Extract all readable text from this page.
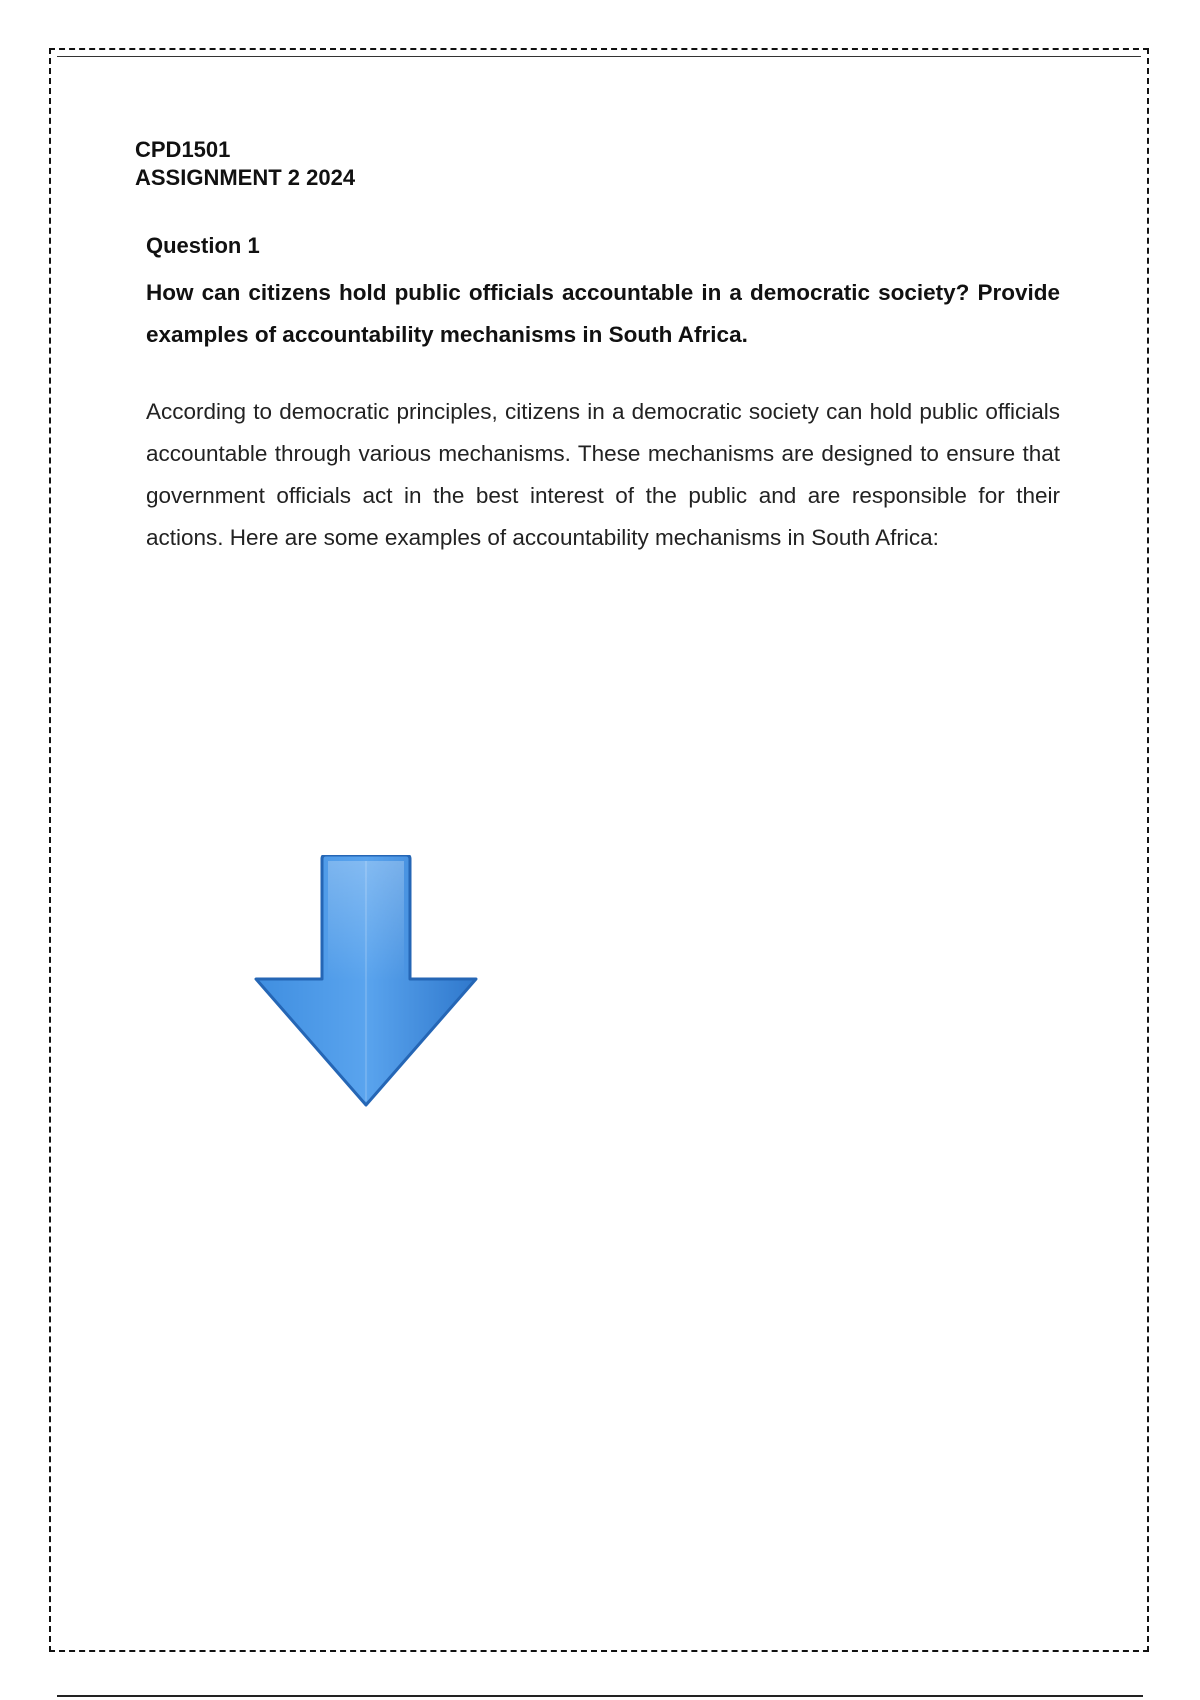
CPD1501
ASSIGNMENT 2 2024

Question 1

How can citizens hold public officials accountable in a democratic society? Provide examples of accountability mechanisms in South Africa.

According to democratic principles, citizens in a democratic society can hold public officials accountable through various mechanisms. These mechanisms are designed to ensure that government officials act in the best interest of the public and are responsible for their actions. Here are some examples of accountability mechanisms in South Africa:
